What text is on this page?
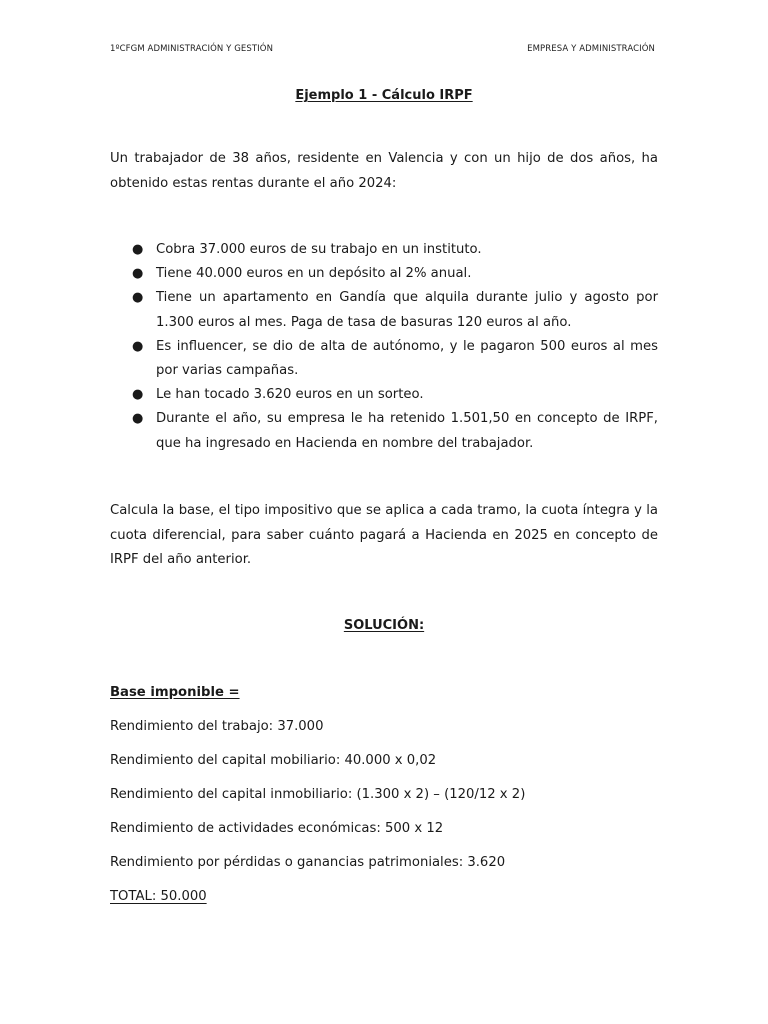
1ºCFGM ADMINISTRACIÓN Y GESTIÓN	EMPRESA Y ADMINISTRACIÓN
Ejemplo 1 - Cálculo IRPF

Un trabajador de 38 años, residente en Valencia y con un hijo de dos años, ha obtenido estas rentas durante el año 2024:

● Cobra 37.000 euros de su trabajo en un instituto.
● Tiene 40.000 euros en un depósito al 2% anual.
● Tiene un apartamento en Gandía que alquila durante julio y agosto por 1.300 euros al mes. Paga de tasa de basuras 120 euros al año.
● Es influencer, se dio de alta de autónomo, y le pagaron 500 euros al mes por varias campañas.
● Le han tocado 3.620 euros en un sorteo.
● Durante el año, su empresa le ha retenido 1.501,50 en concepto de IRPF, que ha ingresado en Hacienda en nombre del trabajador.

Calcula la base, el tipo impositivo que se aplica a cada tramo, la cuota íntegra y la cuota diferencial, para saber cuánto pagará a Hacienda en 2025 en concepto de IRPF del año anterior.

SOLUCIÓN:
Base imponible =
Rendimiento del trabajo: 37.000
Rendimiento del capital mobiliario: 40.000 x 0,02
Rendimiento del capital inmobiliario: (1.300 x 2) – (120/12 x 2)
Rendimiento de actividades económicas: 500 x 12
Rendimiento por pérdidas o ganancias patrimoniales: 3.620
TOTAL: 50.000
